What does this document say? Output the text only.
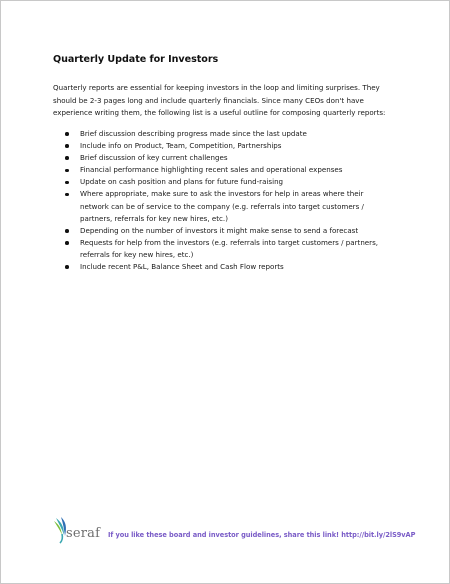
Quarterly Update for Investors

Quarterly reports are essential for keeping investors in the loop and limiting surprises. They
should be 2-3 pages long and include quarterly financials. Since many CEOs don't have
experience writing them, the following list is a useful outline for composing quarterly reports:

Brief discussion describing progress made since the last update
Include info on Product, Team, Competition, Partnerships
Brief discussion of key current challenges
Financial performance highlighting recent sales and operational expenses
Update on cash position and plans for future fund-raising
Where appropriate, make sure to ask the investors for help in areas where their
network can be of service to the company (e.g. referrals into target customers /
partners, referrals for key new hires, etc.)
Depending on the number of investors it might make sense to send a forecast
Requests for help from the investors (e.g. referrals into target customers / partners,
referrals for key new hires, etc.)
Include recent P&L, Balance Sheet and Cash Flow reports
seraf If you like these board and investor guidelines, share this link! http://bit.ly/2lS9vAP
